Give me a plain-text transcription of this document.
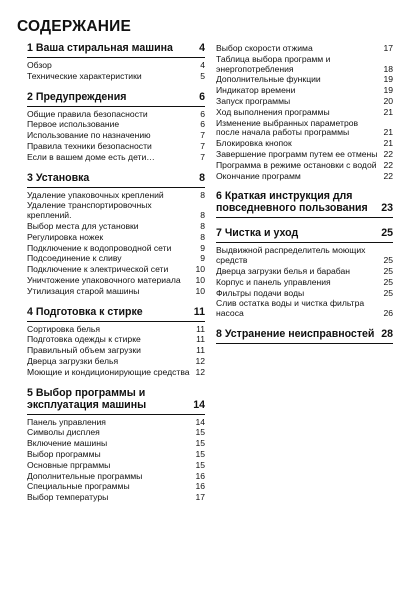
СОДЕРЖАНИЕ
1 Ваша стиральная машина	4
Обзор	4
Технические характеристики	5
2 Предупреждения	6
Общие правила безопасности	6
Первое использование	6
Использование по назначению	7
Правила техники безопасности	7
Если в вашем доме есть дети…	7
3 Установка	8
Удаление упаковочных креплений	8
Удаление транспортировочных креплений.	8
Выбор места для установки	8
Регулировка ножек	8
Подключение к водопроводной сети	9
Подсоединение к сливу	9
Подключение к электрической сети	10
Уничтожение упаковочного материала	10
Утилизация старой машины	10
4 Подготовка к стирке	11
Сортировка белья	11
Подготовка одежды к стирке	11
Правильный объем загрузки	11
Дверца загрузки белья	12
Моющие и кондиционирующие средства 12
5 Выбор программы и эксплуатация машины	14
Панель управления	14
Символы дисплея	15
Включение машины	15
Выбор программы	15
Основные прграммы	15
Дополнительные программы	16
Специальные программы	16
Выбор температуры	17
Выбор скорости отжима	17
Таблица выбора программ и энергопотребления	18
Дополнительные функции	19
Индикатор времени	19
Запуск программы	20
Ход выполнения программы	21
Изменение выбранных параметров после начала работы программы	21
Блокировка кнопок	21
Завершение программ путем ее отмены 22
Программа в режиме остановки с водой 22
Окончание программ	22
6 Краткая инструкция для повседневного пользования	23
7 Чистка и уход	25
Выдвижной распределитель моющих средств	25
Дверца загрузки белья и барабан	25
Корпус и панель управления	25
Фильтры подачи воды	25
Слив остатка воды и чистка фильтра насоса	26
8 Устранение неисправностей 28
